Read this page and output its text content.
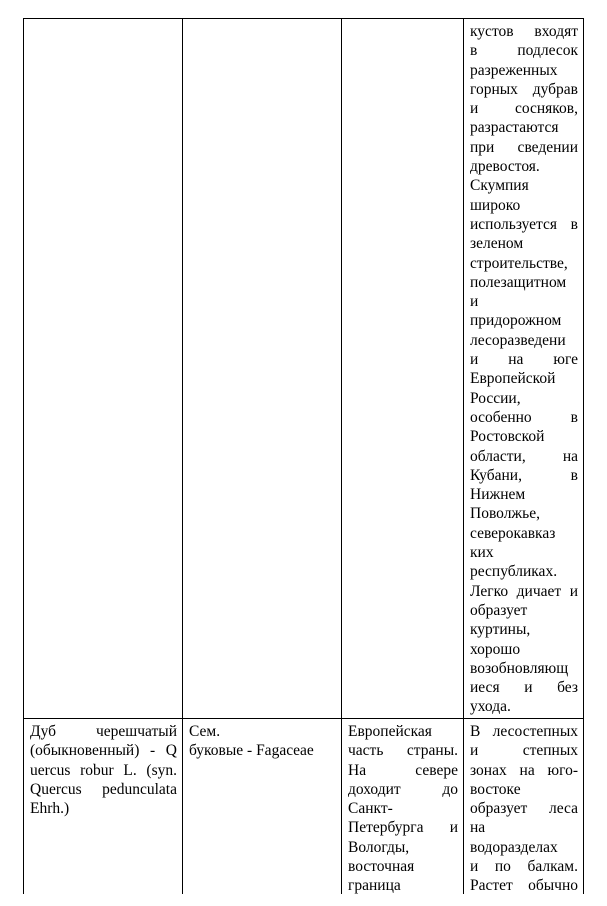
кустов входят
в подлесок
разреженных
горных дубрав
и сосняков,
разрастаются
при сведении
древостоя.
Скумпия
широко
используется в
зеленом
строительстве,
полезащитном
и
придорожном
лесоразведени
и на юге
Европейской
России,
особенно в
Ростовской
области, на
Кубани, в
Нижнем
Поволжье,
северокавказ
ких
республиках.
Легко дичает и
образует
куртины,
хорошо
возобновляющ
иеся и без
ухода.
Дуб черешчатый
(обыкновенный) - Q
uercus robur L. (syn.
Quercus pedunculata
Ehrh.)
Сем.
буковые - Fagaceae
Европейская
часть страны.
На севере
доходит до
Санкт-
Петербурга и
Вологды,
восточная
граница
В лесостепных
и степных
зонах на юго-
востоке
образует леса
на
водоразделах
и по балкам.
Растет обычно
